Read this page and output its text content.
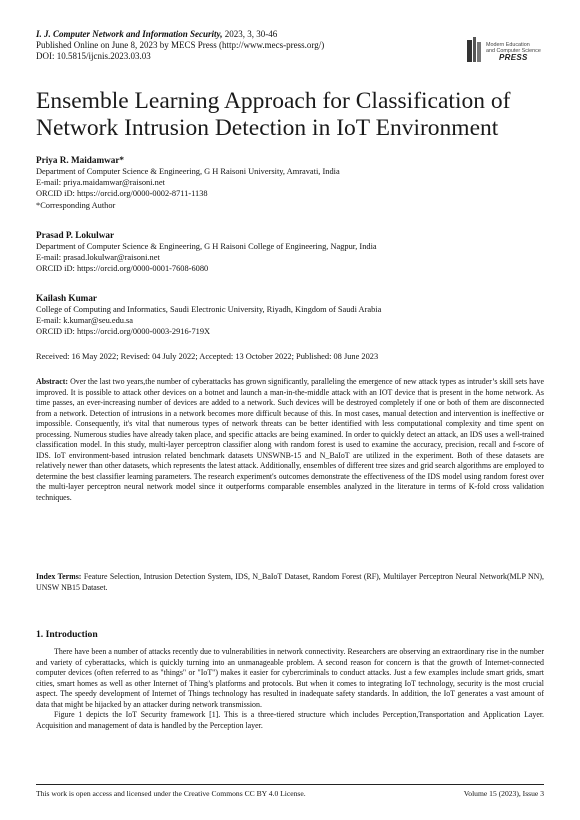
I. J. Computer Network and Information Security, 2023, 3, 30-46
Published Online on June 8, 2023 by MECS Press (http://www.mecs-press.org/)
DOI: 10.5815/ijcnis.2023.03.03
Modern Education
and Computer Science
PRESS
Ensemble Learning Approach for Classification of Network Intrusion Detection in IoT Environment
Priya R. Maidamwar*
Department of Computer Science & Engineering, G H Raisoni University, Amravati, India
E-mail: priya.maidamwar@raisoni.net
ORCID iD: https://orcid.org/0000-0002-8711-1138
*Corresponding Author
Prasad P. Lokulwar
Department of Computer Science & Engineering, G H Raisoni College of Engineering, Nagpur, India
E-mail: prasad.lokulwar@raisoni.net
ORCID iD: https://orcid.org/0000-0001-7608-6080
Kailash Kumar
College of Computing and Informatics, Saudi Electronic University, Riyadh, Kingdom of Saudi Arabia
E-mail: k.kumar@seu.edu.sa
ORCID iD: https://orcid.org/0000-0003-2916-719X
Received: 16 May 2022; Revised: 04 July 2022; Accepted: 13 October 2022; Published: 08 June 2023
Abstract: Over the last two years,the number of cyberattacks has grown significantly, paralleling the emergence of new attack types as intruder’s skill sets have improved. It is possible to attack other devices on a botnet and launch a man-in-the-middle attack with an IOT device that is present in the home network. As time passes, an ever-increasing number of devices are added to a network. Such devices will be destroyed completely if one or both of them are disconnected from a network. Detection of intrusions in a network becomes more difficult because of this. In most cases, manual detection and intervention is ineffective or impossible. Consequently, it's vital that numerous types of network threats can be better identified with less computational complexity and time spent on processing. Numerous studies have already taken place, and specific attacks are being examined. In order to quickly detect an attack, an IDS uses a well-trained classification model. In this study, multi-layer perceptron classifier along with random forest is used to examine the accuracy, precision, recall and f-score of IDS. IoT environment-based intrusion related benchmark datasets UNSWNB-15 and N_BaIoT are utilized in the experiment. Both of these datasets are relatively newer than other datasets, which represents the latest attack. Additionally, ensembles of different tree sizes and grid search algorithms are employed to determine the best classifier learning parameters. The research experiment's outcomes demonstrate the effectiveness of the IDS model using random forest over the multi-layer perceptron neural network model since it outperforms comparable ensembles analyzed in the literature in terms of K-fold cross validation techniques.
Index Terms: Feature Selection, Intrusion Detection System, IDS, N_BaIoT Dataset, Random Forest (RF), Multilayer Perceptron Neural Network(MLP NN), UNSW NB15 Dataset.
1. Introduction

There have been a number of attacks recently due to vulnerabilities in network connectivity. Researchers are observing an extraordinary rise in the number and variety of cyberattacks, which is quickly turning into an unmanageable problem. A second reason for concern is that the growth of Internet-connected computer devices (often referred to as "things" or "IoT") makes it easier for cybercriminals to conduct attacks. Just a few examples include smart grids, smart cities, smart homes as well as other Internet of Thing’s platforms and protocols. But when it comes to integrating IoT technology, security is the most crucial aspect. The speedy development of Internet of Things technology has resulted in inadequate safety standards. In addition, the IoT generates a vast amount of data that might be hijacked by an attacker during network transmission.

Figure 1 depicts the IoT Security framework [1]. This is a three-tiered structure which includes Perception,Transportation and Application Layer. Acquisition and management of data is handled by the Perception layer.

This work is open access and licensed under the Creative Commons CC BY 4.0 License.	Volume 15 (2023), Issue 3
